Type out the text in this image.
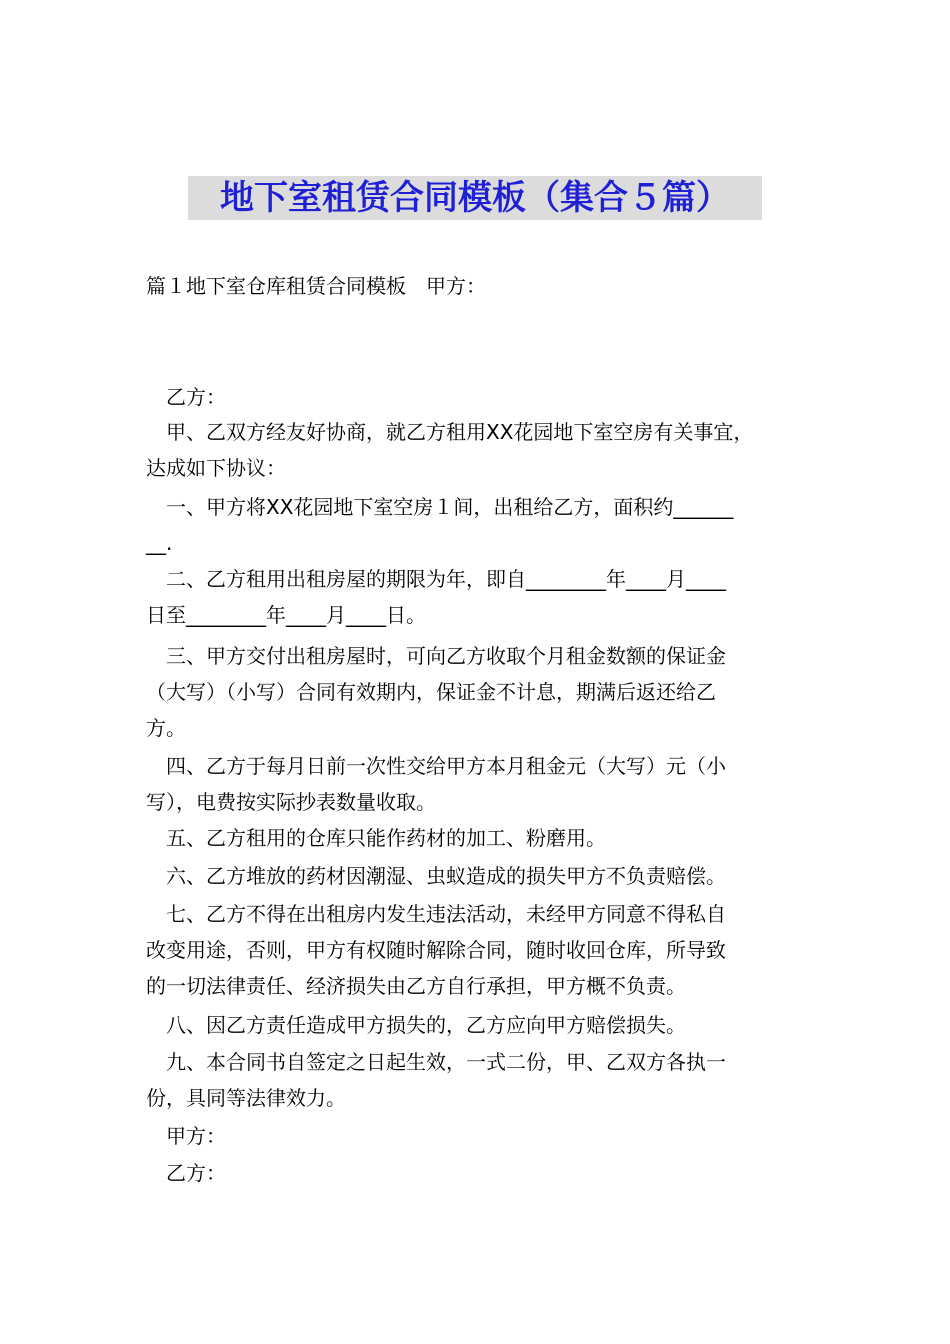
地下室租赁合同模板（集合５篇）
篇１地下室仓库租赁合同模板　甲方：
乙方：
甲、乙双方经友好协商，就乙方租用XX花园地下室空房有关事宜，
达成如下协议：
一、甲方将XX花园地下室空房１间，出租给乙方，面积约______
__.
二、乙方租用出租房屋的期限为年，即自________年____月____
日至________年____月____日。
三、甲方交付出租房屋时，可向乙方收取个月租金数额的保证金
（大写）（小写）合同有效期内，保证金不计息，期满后返还给乙
方。
四、乙方于每月日前一次性交给甲方本月租金元（大写）元（小
写），电费按实际抄表数量收取。
五、乙方租用的仓库只能作药材的加工、粉磨用。
六、乙方堆放的药材因潮湿、虫蚁造成的损失甲方不负责赔偿。
七、乙方不得在出租房内发生违法活动，未经甲方同意不得私自
改变用途，否则，甲方有权随时解除合同，随时收回仓库，所导致
的一切法律责任、经济损失由乙方自行承担，甲方概不负责。
八、因乙方责任造成甲方损失的，乙方应向甲方赔偿损失。
九、本合同书自签定之日起生效，一式二份，甲、乙双方各执一
份，具同等法律效力。
甲方：
乙方：
